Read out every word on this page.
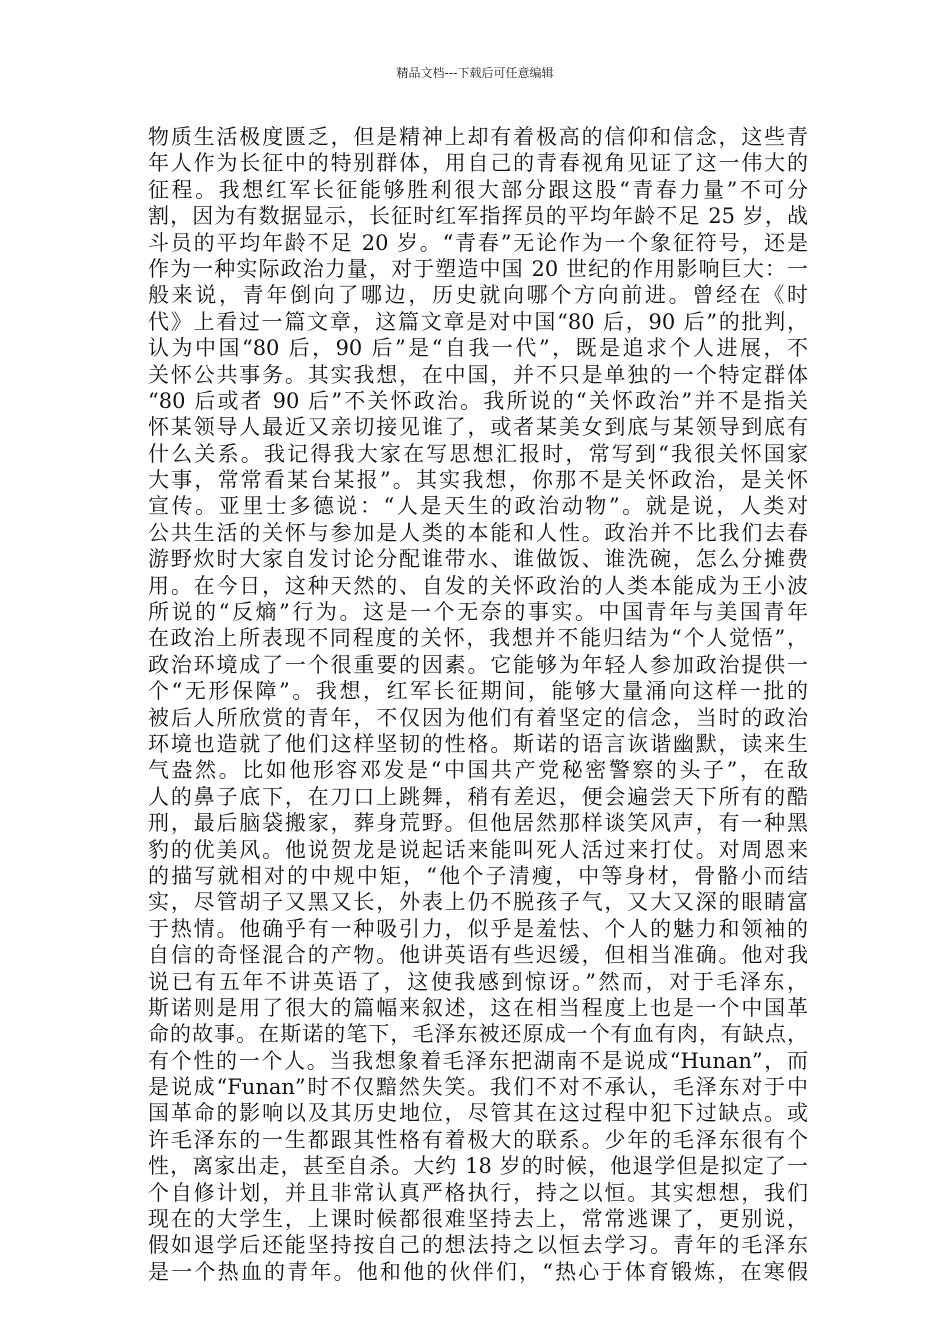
精品文档---下载后可任意编辑
物质生活极度匮乏，但是精神上却有着极高的信仰和信念，这些青
年人作为长征中的特别群体，用自己的青春视角见证了这一伟大的
征程。我想红军长征能够胜利很大部分跟这股“青春力量”不可分
割，因为有数据显示，长征时红军指挥员的平均年龄不足 25 岁，战
斗员的平均年龄不足 20 岁。“青春”无论作为一个象征符号，还是
作为一种实际政治力量，对于塑造中国 20 世纪的作用影响巨大：一
般来说，青年倒向了哪边，历史就向哪个方向前进。曾经在《时
代》上看过一篇文章，这篇文章是对中国“80 后，90 后”的批判，
认为中国“80 后，90 后”是“自我一代”，既是追求个人进展，不
关怀公共事务。其实我想，在中国，并不只是单独的一个特定群体
“80 后或者 90 后”不关怀政治。我所说的“关怀政治”并不是指关
怀某领导人最近又亲切接见谁了，或者某美女到底与某领导到底有
什么关系。我记得我大家在写思想汇报时，常写到“我很关怀国家
大事，常常看某台某报”。其实我想，你那不是关怀政治，是关怀
宣传。亚里士多德说：“人是天生的政治动物”。就是说，人类对
公共生活的关怀与参加是人类的本能和人性。政治并不比我们去春
游野炊时大家自发讨论分配谁带水、谁做饭、谁洗碗，怎么分摊费
用。在今日，这种天然的、自发的关怀政治的人类本能成为王小波
所说的“反熵”行为。这是一个无奈的事实。中国青年与美国青年
在政治上所表现不同程度的关怀，我想并不能归结为“个人觉悟”，
政治环境成了一个很重要的因素。它能够为年轻人参加政治提供一
个“无形保障”。我想，红军长征期间，能够大量涌向这样一批的
被后人所欣赏的青年，不仅因为他们有着坚定的信念，当时的政治
环境也造就了他们这样坚韧的性格。斯诺的语言诙谐幽默，读来生
气盎然。比如他形容邓发是“中国共产党秘密警察的头子”，在敌
人的鼻子底下，在刀口上跳舞，稍有差迟，便会遍尝天下所有的酷
刑，最后脑袋搬家，葬身荒野。但他居然那样谈笑风声，有一种黑
豹的优美风。他说贺龙是说起话来能叫死人活过来打仗。对周恩来
的描写就相对的中规中矩，“他个子清瘦，中等身材，骨骼小而结
实，尽管胡子又黑又长，外表上仍不脱孩子气，又大又深的眼睛富
于热情。他确乎有一种吸引力，似乎是羞怯、个人的魅力和领袖的
自信的奇怪混合的产物。他讲英语有些迟缓，但相当准确。他对我
说已有五年不讲英语了，这使我感到惊讶。”然而，对于毛泽东，
斯诺则是用了很大的篇幅来叙述，这在相当程度上也是一个中国革
命的故事。在斯诺的笔下，毛泽东被还原成一个有血有肉，有缺点，
有个性的一个人。当我想象着毛泽东把湖南不是说成“Hunan”，而
是说成“Funan”时不仅黯然失笑。我们不对不承认，毛泽东对于中
国革命的影响以及其历史地位，尽管其在这过程中犯下过缺点。或
许毛泽东的一生都跟其性格有着极大的联系。少年的毛泽东很有个
性，离家出走，甚至自杀。大约 18 岁的时候，他退学但是拟定了一
个自修计划，并且非常认真严格执行，持之以恒。其实想想，我们
现在的大学生，上课时候都很难坚持去上，常常逃课了，更别说，
假如退学后还能坚持按自己的想法持之以恒去学习。青年的毛泽东
是一个热血的青年。他和他的伙伴们，“热心于体育锻炼，在寒假
